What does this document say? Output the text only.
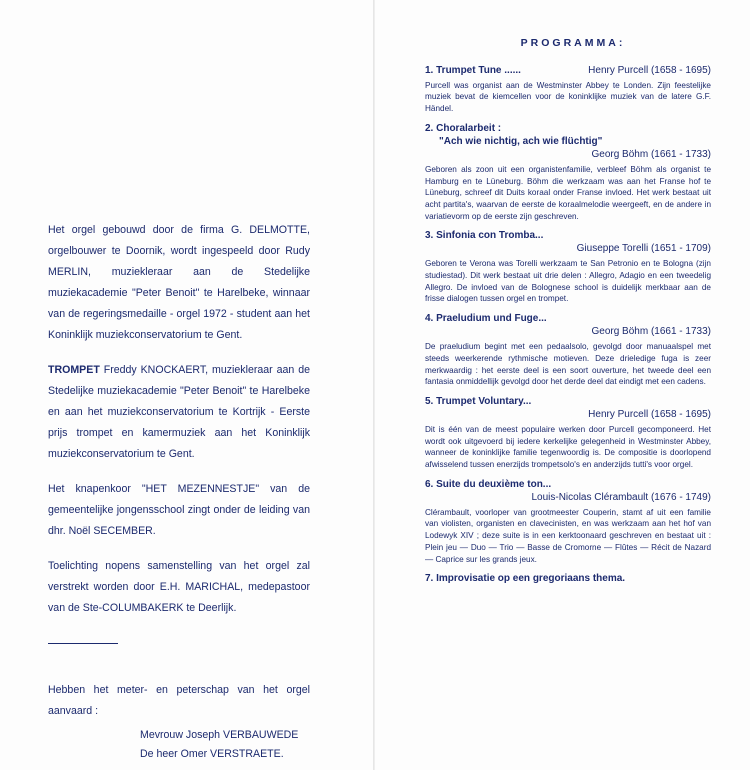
Het orgel gebouwd door de firma G. DELMOTTE, orgelbouwer te Doornik, wordt ingespeeld door Rudy MERLIN, muziekleraar aan de Stedelijke muziekacademie "Peter Benoit" te Harelbeke, winnaar van de regeringsmedaille - orgel 1972 - student aan het Koninklijk muziekconservatorium te Gent.

TROMPET Freddy KNOCKAERT, muziekleraar aan de Stedelijke muziekacademie "Peter Benoit" te Harelbeke en aan het muziekconservatorium te Kortrijk - Eerste prijs trompet en kamermuziek aan het Koninklijk muziekconservatorium te Gent.

Het knapenkoor "HET MEZENNESTJE" van de gemeentelijke jongensschool zingt onder de leiding van dhr. Noël SECEMBER.

Toelichting nopens samenstelling van het orgel zal verstrekt worden door E.H. MARICHAL, medepastoor van de Ste-COLUMBAKERK te Deerlijk.

Hebben het meter- en peterschap van het orgel aanvaard :

Mevrouw Joseph VERBAUWEDE
De heer Omer VERSTRAETE.
PROGRAMMA:
1. Trumpet Tune ......	Henry Purcell (1658 - 1695)
Purcell was organist aan de Westminster Abbey te Londen. Zijn feestelijke muziek bevat de kiemcellen voor de koninklijke muziek van de latere G.F. Händel.
2. Choralarbeit :
"Ach wie nichtig, ach wie flüchtig"
Georg Böhm (1661 - 1733)
Geboren als zoon uit een organistenfamilie, verbleef Böhm als organist te Hamburg en te Lüneburg. Böhm die werkzaam was aan het Franse hof te Lüneburg, schreef dit Duits koraal onder Franse invloed. Het werk bestaat uit acht partita's, waarvan de eerste de koraalmelodie weergeeft, en de andere in variatievorm op de eerste zijn geschreven.
3. Sinfonia con Tromba...
Giuseppe Torelli (1651 - 1709)
Geboren te Verona was Torelli werkzaam te San Petronio en te Bologna (zijn studiestad). Dit werk bestaat uit drie delen : Allegro, Adagio en een tweedelig Allegro. De invloed van de Bolognese school is duidelijk merkbaar aan de frisse dialogen tussen orgel en trompet.
4. Praeludium und Fuge...
Georg Böhm (1661 - 1733)
De praeludium begint met een pedaalsolo, gevolgd door manuaalspel met steeds weerkerende rythmische motieven. Deze drieledige fuga is zeer merkwaardig : het eerste deel is een soort ouverture, het tweede deel een fantasia onmiddellijk gevolgd door het derde deel dat eindigt met een cadens.
5. Trumpet Voluntary...
Henry Purcell (1658 - 1695)
Dit is één van de meest populaire werken door Purcell gecomponeerd. Het wordt ook uitgevoerd bij iedere kerkelijke gelegenheid in Westminster Abbey, wanneer de koninklijke familie tegenwoordig is. De compositie is doorlopend afwisselend tussen enerzijds trompetsolo's en anderzijds tutti's voor orgel.
6. Suite du deuxième ton...
Louis-Nicolas Clérambault (1676 - 1749)
Clérambault, voorloper van grootmeester Couperin, stamt af uit een familie van violisten, organisten en clavecinisten, en was werkzaam aan het hof van Lodewyk XIV ; deze suite is in een kerktoonaard geschreven en bestaat uit : Plein jeu — Duo — Trio — Basse de Cromorne — Flûtes — Récit de Nazard — Caprice sur les grands jeux.
7. Improvisatie op een gregoriaans thema.
